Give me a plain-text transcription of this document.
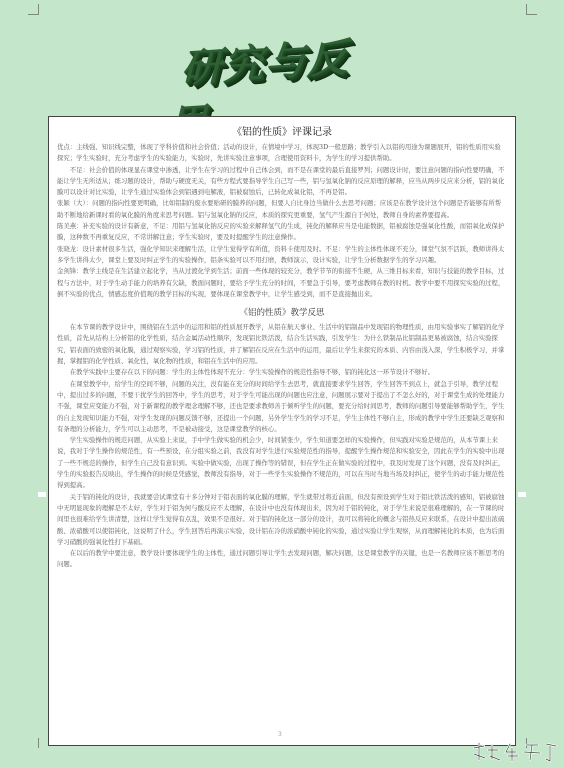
研究与反思	《铝的性质》评课记录

优点：主线强、知识线完整，体现了学科价值和社会价值；活动的设计，在情境中学习，体现3D一般思路；教学引入以铝的用途为课题展开，铝的性质用实验探究；学生实验时，充分考虑学生的实验能力，实验时，先讲实验注意事项，合理使用资料卡，为学生的学习提供帮助。

不足：社会价值的体现显在课堂中渗透，让学生在学习的过程中自己体会到，而不是在课堂的最后直接罗列；问题设计时，要注意问题的指向性要明确，不能让学生无所适从；练习题的设计，帮助与硬度无关，有些方程式要指导学生自己写一些，铝与氢氧化钠的反应原理的解释，应当从两步反应来分析，铝的氧化膜可以设计对比实验，让学生通过实验体会到铝遇到电解液，铝被腐蚀后，已转化成氧化铝，不再是铝。

张颖（大）：问题的指向性要更明确，比如铝制的废水要贴研的膜养的问题，但要人自比身边当做什么去思考问题；应该是在教学设计这个问题是否能够有所帮助不断地给新课时看的氧化膜的角度来思考问题。铝与氢氧化钠的反应，本质的探究更重要，氢气产生源自于何处，教师自身的素养要提高。

陈美燕：补充实验的设计有新意，不足：用铝与氢氧化钠反应的实验来解释氢气的生成，钝化的解释应当是电能数据，铝被腐蚀是强氧化性酸，而铝氧化成保护膜，这种数不再重复反应，不常讲解注意；学生实验时，要及时提醒学生的注意操作。

张晓龙：设计素材很多生活，强化学知识来理解生活，让学生觉得学有所值，资料卡使用及时。不足：学生的主体性体现不充分，课堂气氛不活跃，教师讲得太多学生讲得太少，课堂上要及时纠正学生的实验操作，铝条实验可以不用打磨，教师演示，设计实验，让学生分析数据学生的学习兴趣。

金剑锋：教学主线是在生活建立起化学，当从过渡化学到生活；前面一些体现的较充分，教学节节的衔接不生硬，从三维目标来看，知识与技能的教学目标，过程与方法中，对于学生动手能力的培养有欠缺，教面问题时，要给予学生充分的时间，不要急于引导，要考虑教师在教的时机。教学中要不用探究实验的过程，倒不实验的优点，情感态度价值观的教学目标的实现，要体现在课堂教学中，让学生感受到，而不是直接抛出来。

《铝的性质》教学反思

在本节课的教学设计中，围绕铝在生活中的运用和铝的性质展开教学，从铝在航天事业、生活中的铝制品中发现铝的物理性质，由用实验事实了解铝的化学性质，首先从结构上分析铝的化学性质，结合金属活动性顺序，发现铝比铁活泼，结合生活实践，引发学生：为什么铁制品比铝制品更易被腐蚀，结合实验探究，铝表面的致密的氧化膜，通过观察实验，学习铝的性质，并了解铝在反应在生活中的运用，最后让学生来探究的本质、内容由浅入深，学生积极学习，并掌握，掌握铝的化学性质、氧化性，氧化物的性质，和铝在生活中的应用。

在教学实践中主要存在以下的问题：学生的主体性体现不充分：学生实验操作的规范性指导不够，铝的钝化这一环节设计不够好。

在课堂教学中，给学生的空间不够，问题的关注，没有能在充分的时间给学生去思考，就直接要求学生回答，学生回答不到点上，就急于引导，教学过程中，提出过多的问题，不要干扰学生的回答中，学生的思考，对于学生可能出现的问题也应注意，问题展示要对于提出了不怎么好的，对于课堂生成的处理能力不强，课堂应变能力不强，对于新课程的教学理念理解不够，还也是要求教师善于倾听学生的问题，要充分给时间思考，教师的问题引导要能够帮助学生，学生的自主发现知识能力不强，对学生发现的问题反馈不够，还提出一个问题，另外学生学生的学习不足，学生主体性不够自主，形成的教学中学生还要缺乏观察和有条理的分析能力，学生可以主动思考，不是被动接受，这是课堂教学的核心。

学生实验操作的规范问题，从实验上来说，手中学生做实验的机会少，时间紧张少，学生知道要怎样的实验操作，但实践对实验是规范的，从本节课上来说，我对于学生操作的规范性，有一些预设，在分组实验之前，我没有对学生进行实验规范性的指导，提醒学生操作规范和实验安全，因此在学生的实验中出现了一些不规范的操作，但学生自己没有意识到。实验中做实验，出现了操作等的错误，但在学生正在做实验的过程中，我及时发现了这个问题，没有及时纠正，学生的实验报告反映出，学生操作的时候是凭感觉，教师没有指导，对于一些学生实验操作不规范的，可以在当时当地当场及时纠正，使学生的动手能力规范性得到提高。

关于铝的钝化的设计，我就要尝试课堂有十多分钟对于铝表面的氧化膜的理解，学生就带过将近前面，但没有预设到学生对于铝比铁活泼的感知，铝被腐蚀中无明显现象的理解是不太好，学生对于铝为何与酸反应不太理解，在设计中也没有体现出来，因为对于铝的钝化，对于学生来说是很难理解的，在一节课的时间里也很难给学生讲清楚，这样让学生觉得有点乱，效果不是很好。对于铝的钝化这一部分的设计，我可以将钝化的概念与铝热反应来联系，在设计中提出浓硫酸、浓硝酸可以使铝钝化，这说明了什么，学生回答后再演示实验，设计铝在冷的浓硝酸中钝化的实验，通过实验让学生观察，从而理解钝化的本质，也为后面学习硝酸的强氧化性打下基础。

在以后的教学中要注意，教学设计要体现学生的主体性，通过问题引导让学生去发现问题，解决问题，这是课堂教学的关键，也是一名教师应该不断思考的问题。

3
